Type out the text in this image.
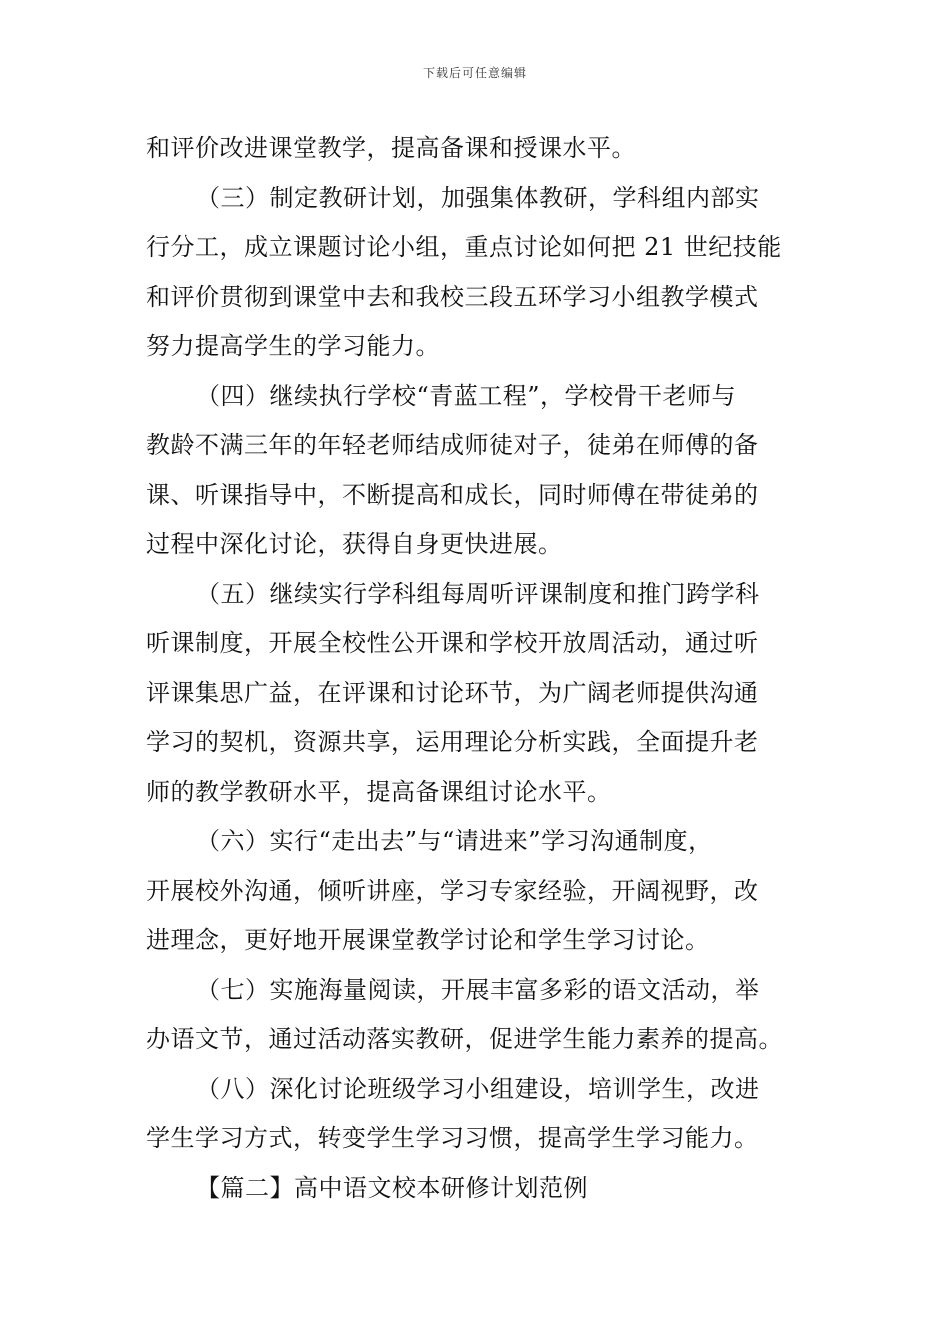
下载后可任意编辑
和评价改进课堂教学，提高备课和授课水平。
（三）制定教研计划，加强集体教研，学科组内部实
行分工，成立课题讨论小组，重点讨论如何把 21 世纪技能
和评价贯彻到课堂中去和我校三段五环学习小组教学模式
努力提高学生的学习能力。
（四）继续执行学校“青蓝工程”，学校骨干老师与
教龄不满三年的年轻老师结成师徒对子，徒弟在师傅的备
课、听课指导中，不断提高和成长，同时师傅在带徒弟的
过程中深化讨论，获得自身更快进展。
（五）继续实行学科组每周听评课制度和推门跨学科
听课制度，开展全校性公开课和学校开放周活动，通过听
评课集思广益，在评课和讨论环节，为广阔老师提供沟通
学习的契机，资源共享，运用理论分析实践，全面提升老
师的教学教研水平，提高备课组讨论水平。
（六）实行“走出去”与“请进来”学习沟通制度，
开展校外沟通，倾听讲座，学习专家经验，开阔视野，改
进理念，更好地开展课堂教学讨论和学生学习讨论。
（七）实施海量阅读，开展丰富多彩的语文活动，举
办语文节，通过活动落实教研，促进学生能力素养的提高。
（八）深化讨论班级学习小组建设，培训学生，改进
学生学习方式，转变学生学习习惯，提高学生学习能力。
【篇二】高中语文校本研修计划范例
